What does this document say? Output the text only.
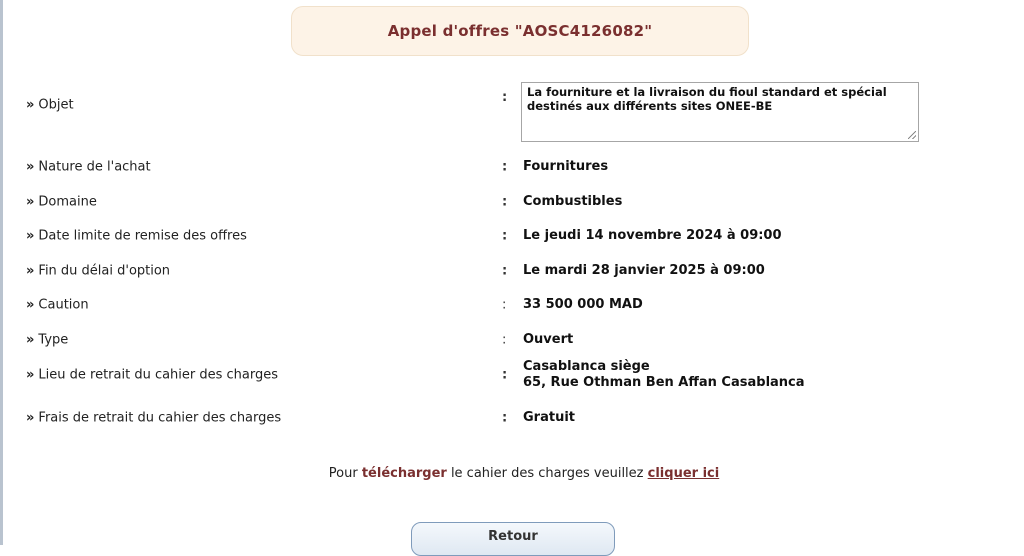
Appel d'offres "AOSC4126082"
» Objet	:	La fourniture et la livraison du fioul standard et spécial destinés aux différents sites ONEE-BE
» Nature de l'achat	: Fournitures
» Domaine	: Combustibles
» Date limite de remise des offres	: Le jeudi 14 novembre 2024 à 09:00
» Fin du délai d'option	: Le mardi 28 janvier 2025 à 09:00
» Caution	: 33 500 000 MAD
» Type	: Ouvert
» Lieu de retrait du cahier des charges	:
Casablanca siège
65, Rue Othman Ben Affan Casablanca
» Frais de retrait du cahier des charges	: Gratuit
Pour télécharger le cahier des charges veuillez cliquer ici
Retour
